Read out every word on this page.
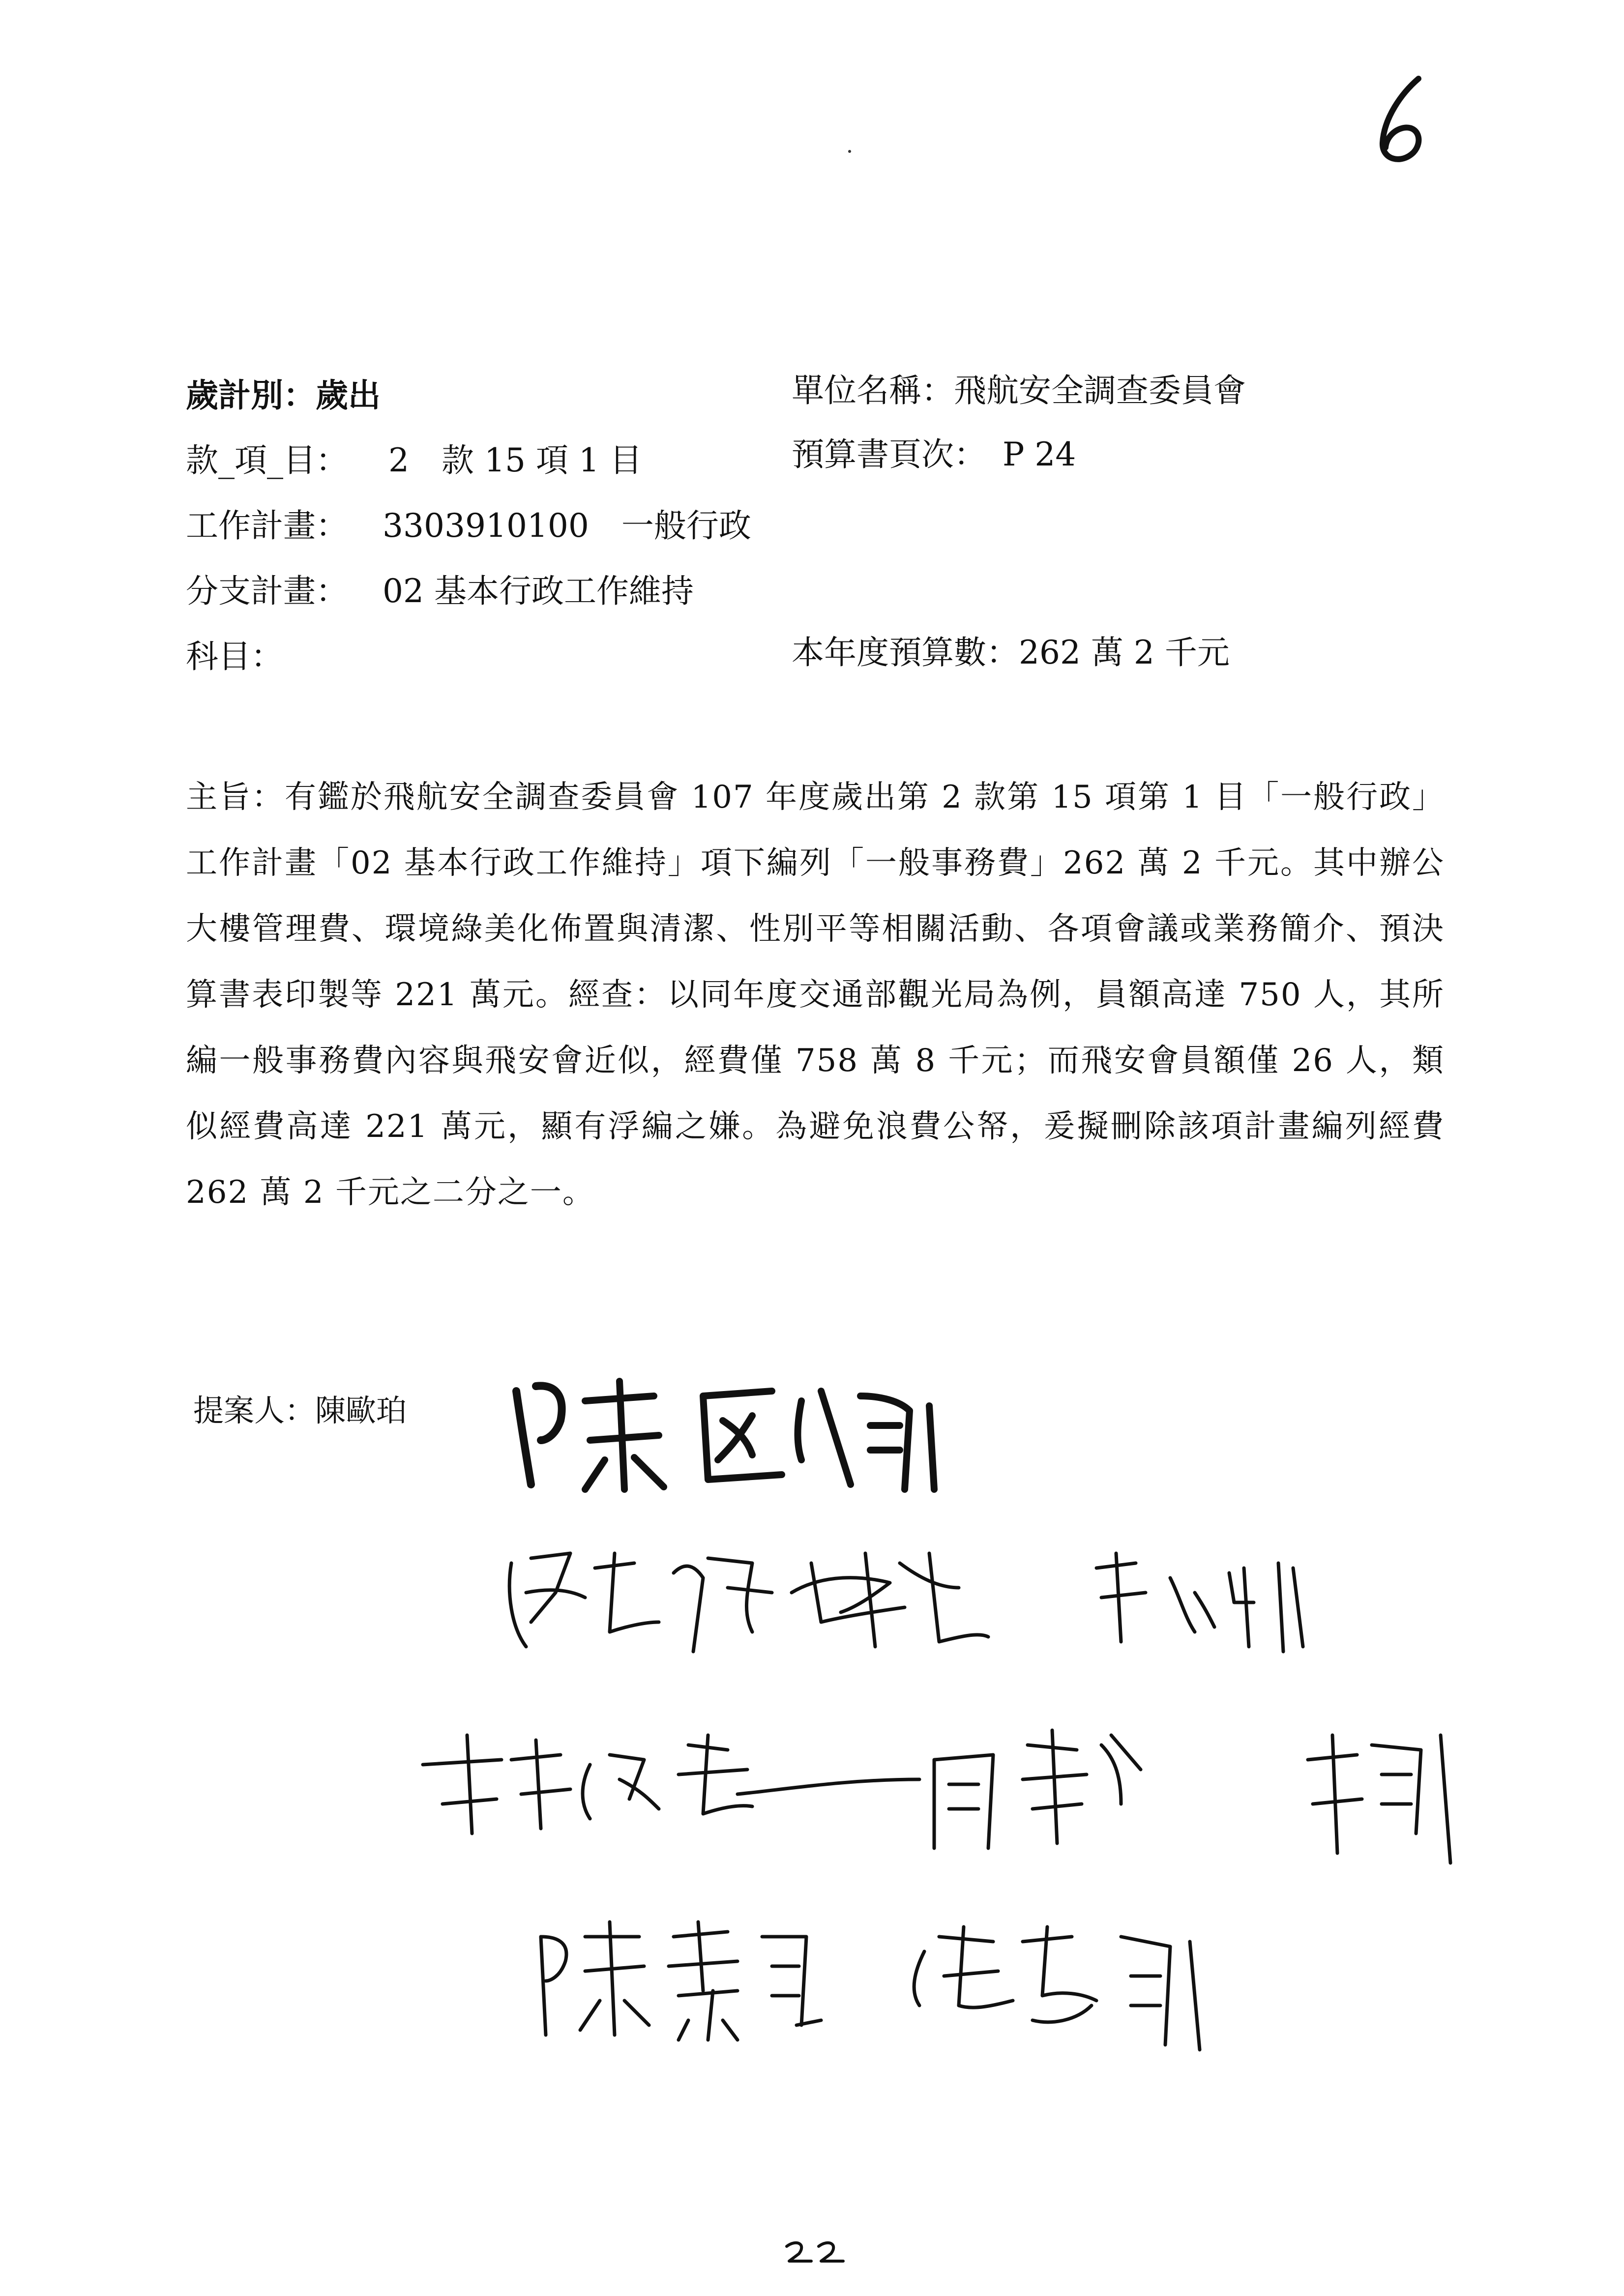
歲計別：歲出
款_項_目： 2　款 15 項 1 目
工作計畫： 3303910100　一般行政
分支計畫： 02 基本行政工作維持
科目：
單位名稱：飛航安全調查委員會
預算書頁次：　P 24
本年度預算數：262 萬 2 千元
主旨：有鑑於飛航安全調查委員會 107 年度歲出第 2 款第 15 項第 1 目「一般行政」工作計畫「02 基本行政工作維持」項下編列「一般事務費」262 萬 2 千元。其中辦公大樓管理費、環境綠美化佈置與清潔、性別平等相關活動、各項會議或業務簡介、預決算書表印製等 221 萬元。經查：以同年度交通部觀光局為例，員額高達 750 人，其所編一般事務費內容與飛安會近似，經費僅 758 萬 8 千元；而飛安會員額僅 26 人，類似經費高達 221 萬元，顯有浮編之嫌。為避免浪費公帑，爰擬刪除該項計畫編列經費 262 萬 2 千元之二分之一。
提案人：陳歐珀
